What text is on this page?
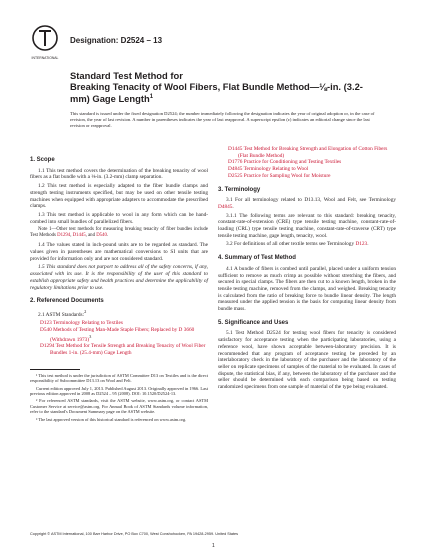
INTERNATIONAL
Designation: D2524 – 13
Standard Test Method for
Breaking Tenacity of Wool Fibers, Flat Bundle Method—⅛-in. (3.2-mm) Gage Length$^1$
This standard is issued under the fixed designation D2524; the number immediately following the designation indicates the year of original adoption or, in the case of revision, the year of last revision. A number in parentheses indicates the year of last reapproval. A superscript epsilon (ε) indicates an editorial change since the last revision or reapproval.
1. Scope

1.1 This test method covers the determination of the breaking tenacity of wool fibers as a flat bundle with a ⅛-in. (3.2-mm) clamp separation.

1.2 This test method is especially adapted to the fiber bundle clamps and strength testing instruments specified, but may be used on other tensile testing machines when equipped with appropriate adapters to accommodate the prescribed clamps.

1.3 This test method is applicable to wool in any form which can be hand-combed into small bundles of parallelized fibers.

Note 1—Other test methods for measuring breaking tenacity of fiber bundles include Test Methods D1294, D1445, and D540.

1.4 The values stated in inch-pound units are to be regarded as standard. The values given in parentheses are mathematical conversions to SI units that are provided for information only and are not considered standard.

1.5 This standard does not purport to address all of the safety concerns, if any, associated with its use. It is the responsibility of the user of this standard to establish appropriate safety and health practices and determine the applicability of regulatory limitations prior to use.

2. Referenced Documents

2.1 ASTM Standards:$^2$

D123 Terminology Relating to Textiles
D540 Methods of Testing Man-Made Staple Fibers; Replaced by D 3660 (Withdrawn 1973)$^3$
D1294 Test Method for Tensile Strength and Breaking Tenacity of Wool Fiber Bundles 1-in. (25.4-mm) Gage Length

¹ This test method is under the jurisdiction of ASTM Committee D13 on Textiles and is the direct responsibility of Subcommittee D13.13 on Wool and Felt.

Current edition approved July 1, 2013. Published August 2013. Originally approved in 1966. Last previous edition approved in 2008 as D2524 – 95 (2008). DOI: 10.1520/D2524-13.

² For referenced ASTM standards, visit the ASTM website, www.astm.org, or contact ASTM Customer Service at service@astm.org. For Annual Book of ASTM Standards volume information, refer to the standard's Document Summary page on the ASTM website.

³ The last approved version of this historical standard is referenced on www.astm.org.

D1445 Test Method for Breaking Strength and Elongation of Cotton Fibers (Flat Bundle Method)
D1776 Practice for Conditioning and Testing Textiles
D4845 Terminology Relating to Wool
D2525 Practice for Sampling Wool for Moisture
3. Terminology

3.1 For all terminology related to D13.13, Wool and Felt, see Terminology D4845.

3.1.1 The following terms are relevant to this standard: breaking tenacity, constant-rate-of-extension (CRE) type tensile testing machine, constant-rate-of-loading (CRL) type tensile testing machine, constant-rate-of-traverse (CRT) type tensile testing machine, gage length, tenacity, wool.

3.2 For definitions of all other textile terms see Terminology D123.

4. Summary of Test Method

4.1 A bundle of fibers is combed until parallel, placed under a uniform tension sufficient to remove as much crimp as possible without stretching the fibers, and secured in special clamps. The fibers are then cut to a known length, broken in the tensile testing machine, removed from the clamps, and weighed. Breaking tenacity is calculated from the ratio of breaking force to bundle linear density. The length measured under the applied tension is the basis for computing linear density from bundle mass.

5. Significance and Uses

5.1 Test Method D2524 for testing wool fibers for tenacity is considered satisfactory for acceptance testing when the participating laboratories, using a reference wool, have shown acceptable between-laboratory precision. It is recommended that any program of acceptance testing be preceded by an interlaboratory check in the laboratory of the purchaser and the laboratory of the seller on replicate specimens of samples of the material to be evaluated. In cases of dispute, the statistical bias, if any, between the laboratory of the purchaser and the seller should be determined with each comparison being based on testing randomized specimens from one sample of material of the type being evaluated.

Copyright © ASTM International, 100 Barr Harbor Drive, PO Box C700, West Conshohocken, PA 19428-2959. United States
1
